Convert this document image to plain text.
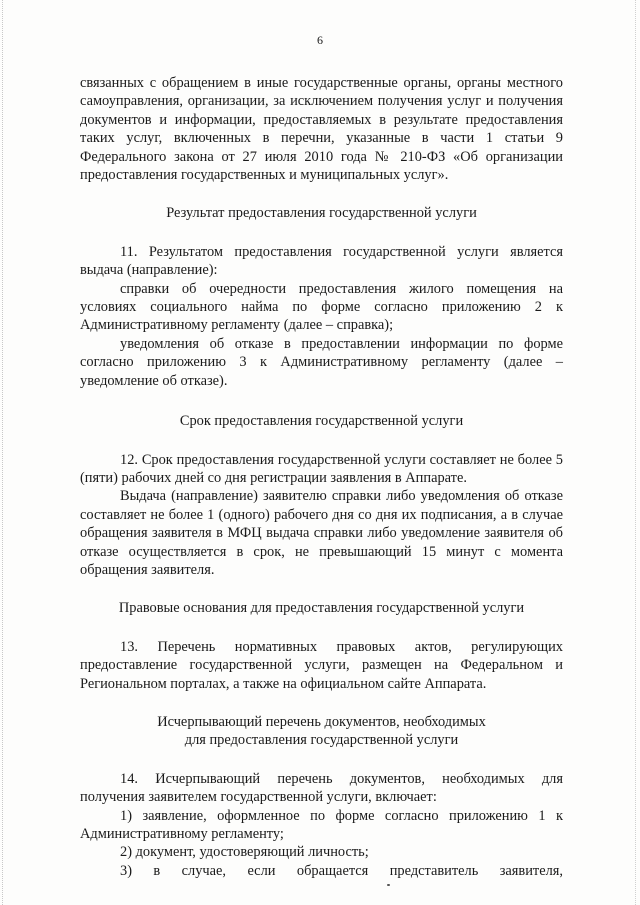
6

связанных с обращением в иные государственные органы, органы местного самоуправления, организации, за исключением получения услуг и получения документов и информации, предоставляемых в результате предоставления таких услуг, включенных в перечни, указанные в части 1 статьи 9 Федерального закона от 27 июля 2010 года № 210-ФЗ «Об организации предоставления государственных и муниципальных услуг».

Результат предоставления государственной услуги

11. Результатом предоставления государственной услуги является выдача (направление):

справки об очередности предоставления жилого помещения на условиях социального найма по форме согласно приложению 2 к Административному регламенту (далее – справка);

уведомления об отказе в предоставлении информации по форме согласно приложению 3 к Административному регламенту (далее – уведомление об отказе).

Срок предоставления государственной услуги

12. Срок предоставления государственной услуги составляет не более 5 (пяти) рабочих дней со дня регистрации заявления в Аппарате.

Выдача (направление) заявителю справки либо уведомления об отказе составляет не более 1 (одного) рабочего дня со дня их подписания, а в случае обращения заявителя в МФЦ выдача справки либо уведомление заявителя об отказе осуществляется в срок, не превышающий 15 минут с момента обращения заявителя.

Правовые основания для предоставления государственной услуги

13. Перечень нормативных правовых актов, регулирующих предоставление государственной услуги, размещен на Федеральном и Региональном порталах, а также на официальном сайте Аппарата.

Исчерпывающий перечень документов, необходимых

для предоставления государственной услуги

14. Исчерпывающий перечень документов, необходимых для получения заявителем государственной услуги, включает:

1) заявление, оформленное по форме согласно приложению 1 к Административному регламенту;

2) документ, удостоверяющий личность;

3) в случае, если обращается представитель заявителя,
